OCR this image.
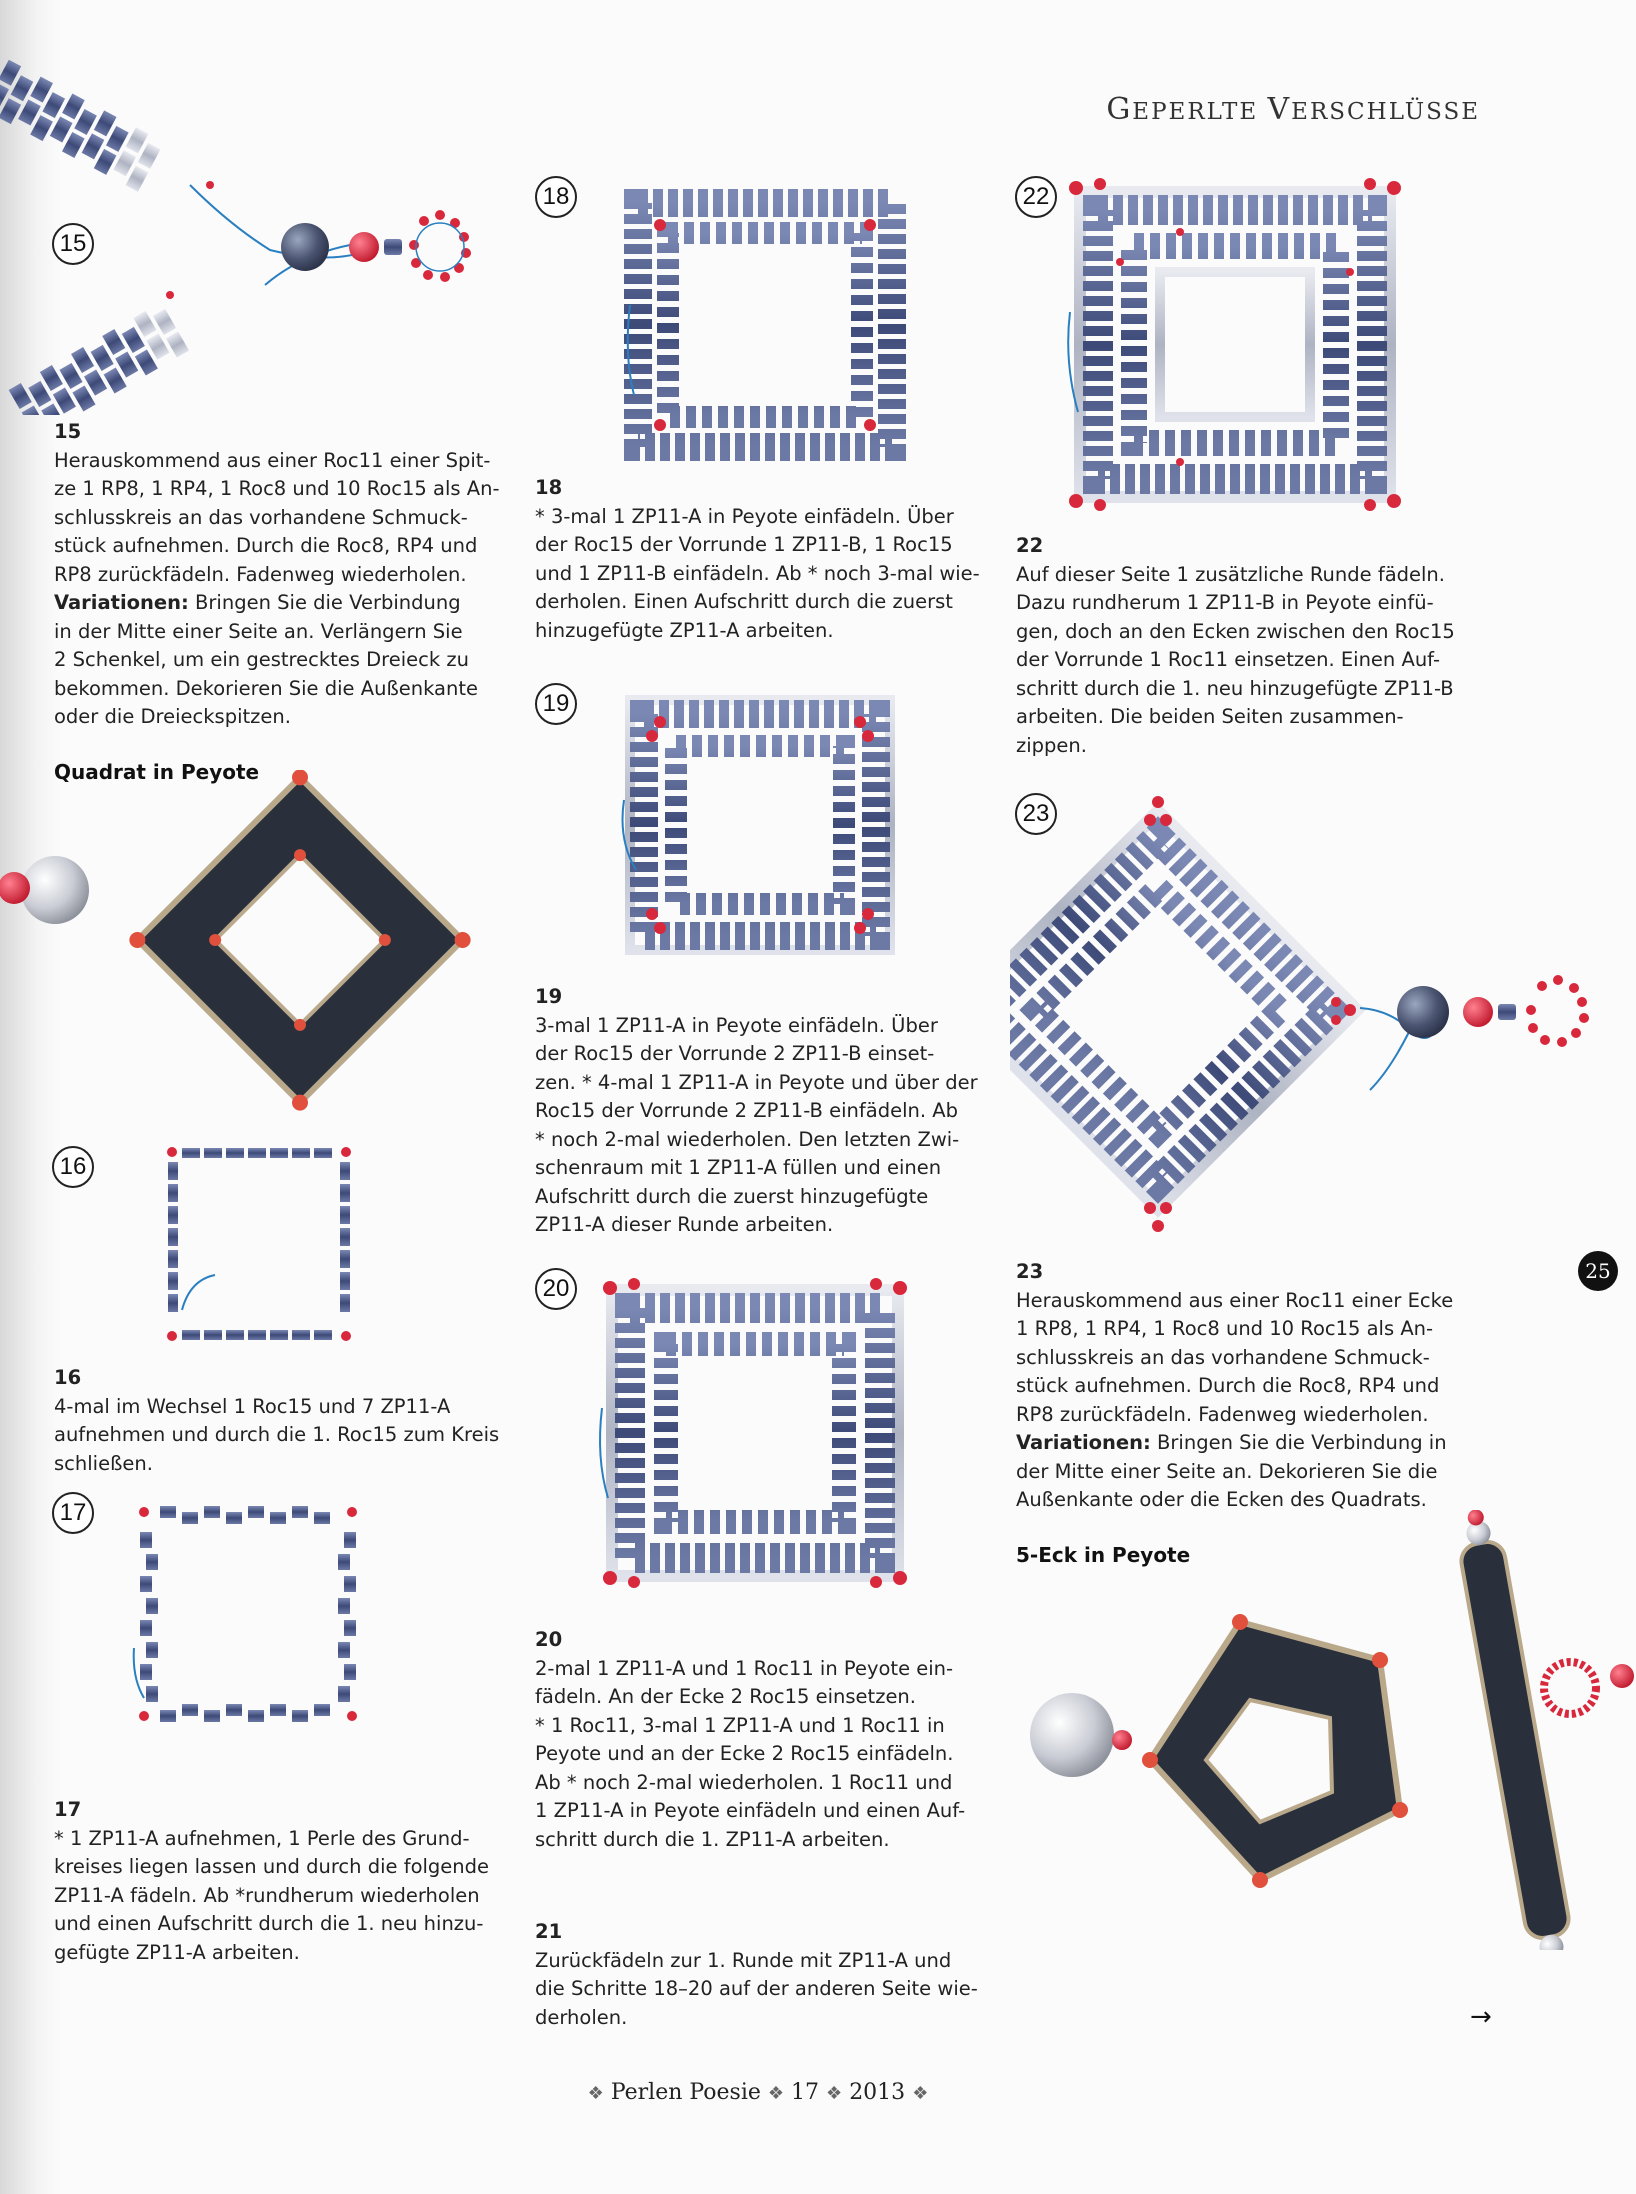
GEPERLTE VERSCHLÜSSE
15
15

Herauskommend aus einer Roc11 einer Spit-
ze 1 RP8, 1 RP4, 1 Roc8 und 10 Roc15 als An-
schlusskreis an das vorhandene Schmuck-
stück aufnehmen. Durch die Roc8, RP4 und
RP8 zurückfädeln. Fadenweg wiederholen.
Variationen: Bringen Sie die Verbindung
in der Mitte einer Seite an. Verlängern Sie
2 Schenkel, um ein gestrecktes Dreieck zu
bekommen. Dekorieren Sie die Außenkante
oder die Dreieckspitzen.

Quadrat in Peyote
16
16

4-mal im Wechsel 1 Roc15 und 7 ZP11-A
aufnehmen und durch die 1. Roc15 zum Kreis
schließen.

17
17

* 1 ZP11-A aufnehmen, 1 Perle des Grund-
kreises liegen lassen und durch die folgende
ZP11-A fädeln. Ab *rundherum wiederholen
und einen Aufschritt durch die 1. neu hinzu-
gefügte ZP11-A arbeiten.

18
18

* 3-mal 1 ZP11-A in Peyote einfädeln. Über
der Roc15 der Vorrunde 1 ZP11-B, 1 Roc15
und 1 ZP11-B einfädeln. Ab * noch 3-mal wie-
derholen. Einen Aufschritt durch die zuerst
hinzugefügte ZP11-A arbeiten.

19
19

3-mal 1 ZP11-A in Peyote einfädeln. Über
der Roc15 der Vorrunde 2 ZP11-B einset-
zen. * 4-mal 1 ZP11-A in Peyote und über der
Roc15 der Vorrunde 2 ZP11-B einfädeln. Ab
* noch 2-mal wiederholen. Den letzten Zwi-
schenraum mit 1 ZP11-A füllen und einen
Aufschritt durch die zuerst hinzugefügte
ZP11-A dieser Runde arbeiten.

20
20

2-mal 1 ZP11-A und 1 Roc11 in Peyote ein-
fädeln. An der Ecke 2 Roc15 einsetzen.
* 1 Roc11, 3-mal 1 ZP11-A und 1 Roc11 in
Peyote und an der Ecke 2 Roc15 einfädeln.
Ab * noch 2-mal wiederholen. 1 Roc11 und
1 ZP11-A in Peyote einfädeln und einen Auf-
schritt durch die 1. ZP11-A arbeiten.

21

Zurückfädeln zur 1. Runde mit ZP11-A und
die Schritte 18–20 auf der anderen Seite wie-
derholen.

22
22

Auf dieser Seite 1 zusätzliche Runde fädeln.
Dazu rundherum 1 ZP11-B in Peyote einfü-
gen, doch an den Ecken zwischen den Roc15
der Vorrunde 1 Roc11 einsetzen. Einen Auf-
schritt durch die 1. neu hinzugefügte ZP11-B
arbeiten. Die beiden Seiten zusammen-
zippen.

23
23

Herauskommend aus einer Roc11 einer Ecke
1 RP8, 1 RP4, 1 Roc8 und 10 Roc15 als An-
schlusskreis an das vorhandene Schmuck-
stück aufnehmen. Durch die Roc8, RP4 und
RP8 zurückfädeln. Fadenweg wiederholen.
Variationen: Bringen Sie die Verbindung in
der Mitte einer Seite an. Dekorieren Sie die
Außenkante oder die Ecken des Quadrats.

25
5-Eck in Peyote
→
❖ Perlen Poesie ❖ 17 ❖ 2013 ❖
